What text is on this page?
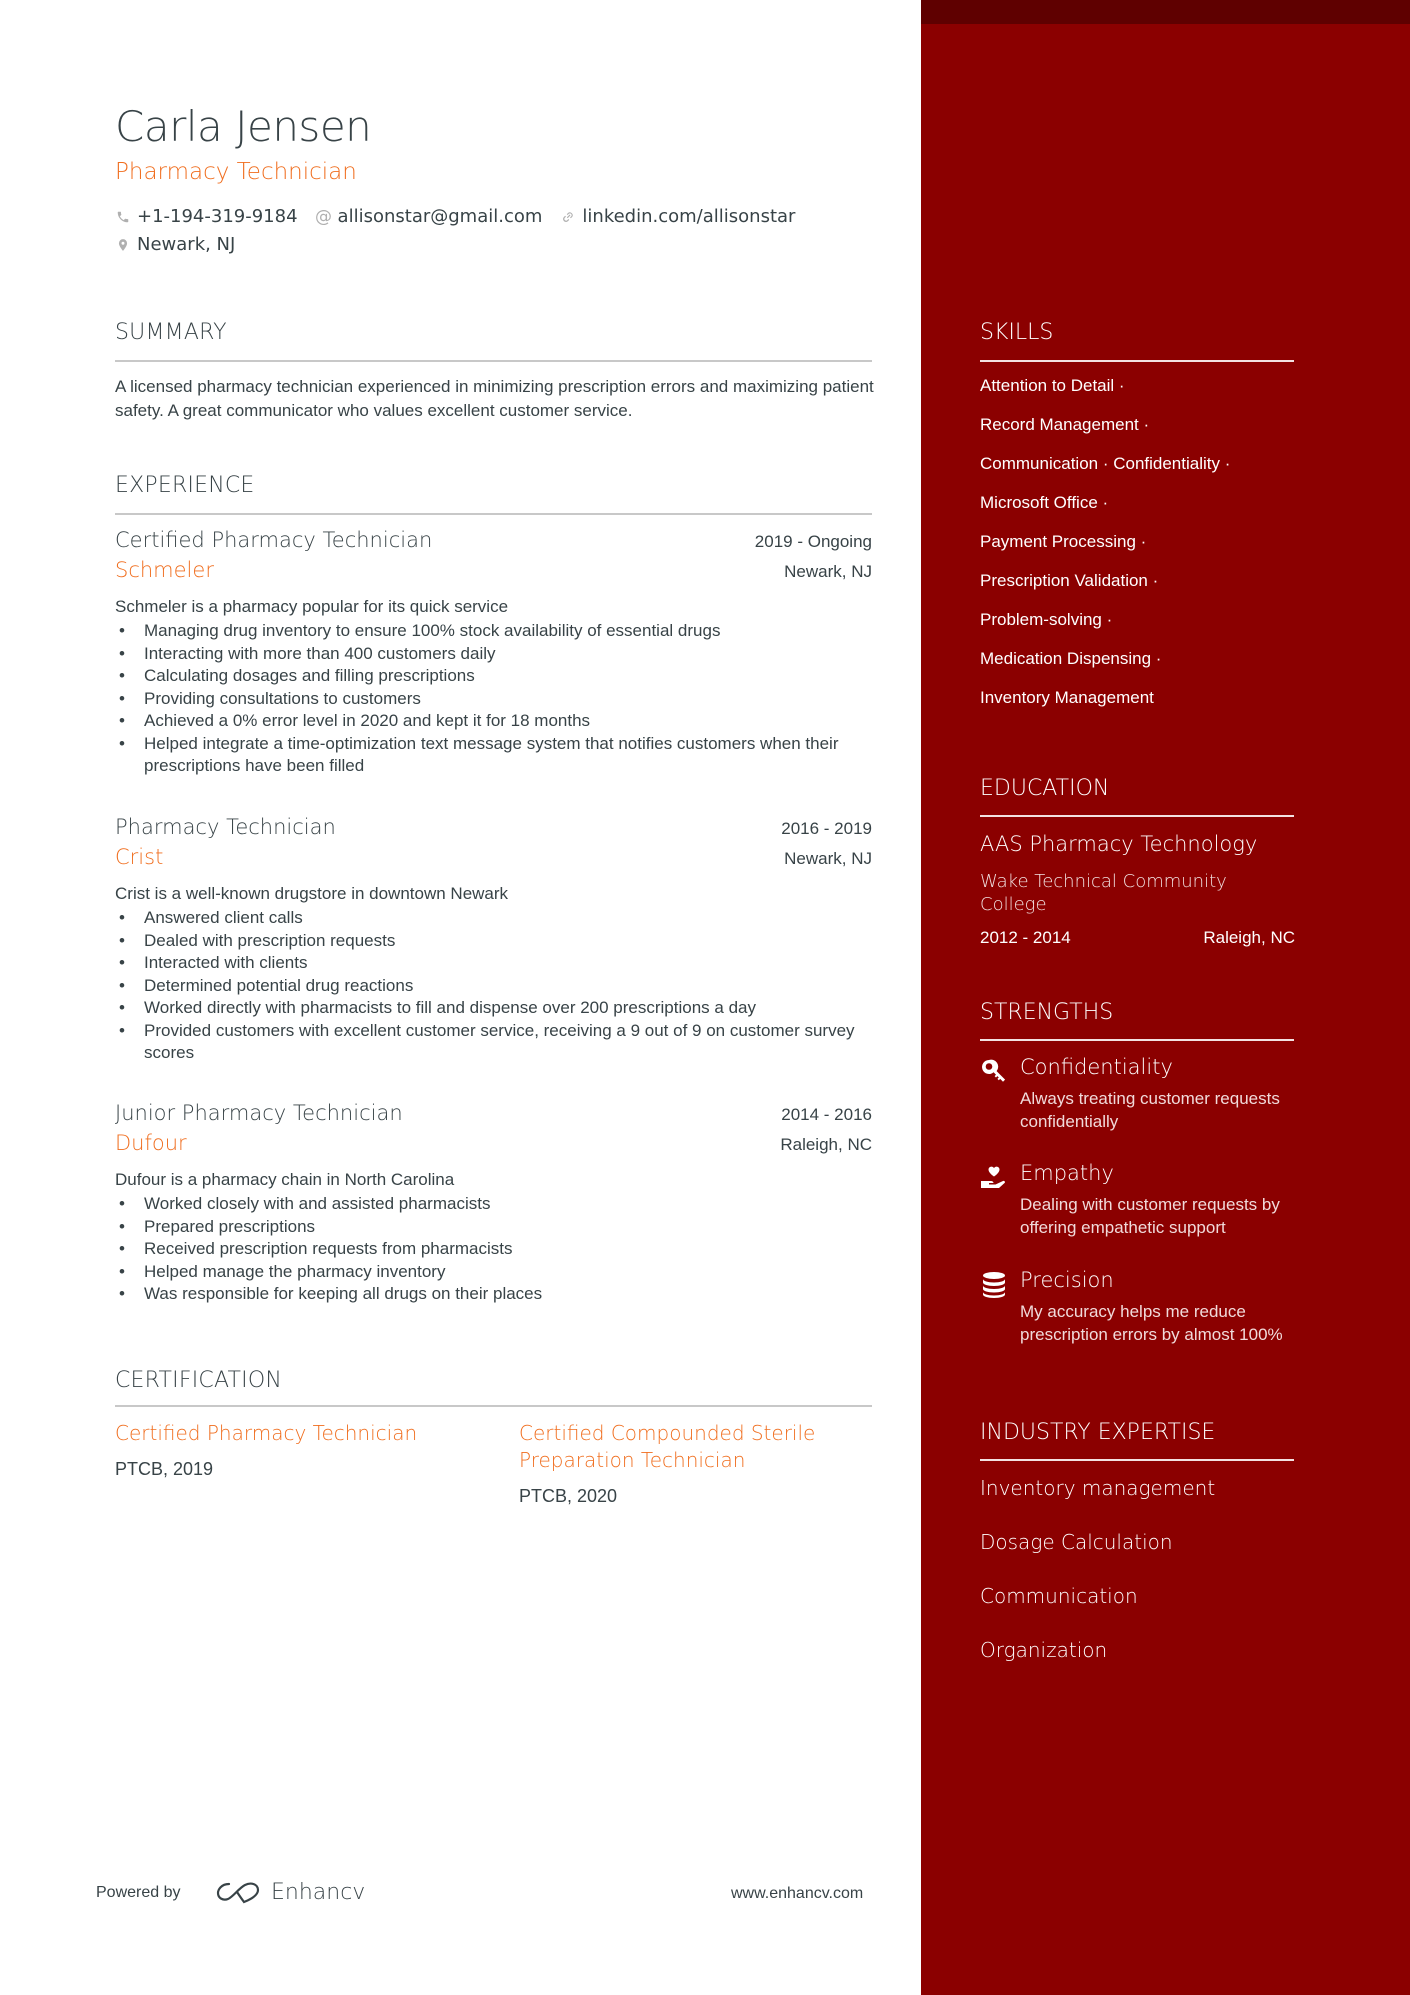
Carla Jensen
Pharmacy Technician
+1-194-319-9184 @ allisonstar@gmail.com linkedin.com/allisonstar
Newark, NJ
SUMMARY
A licensed pharmacy technician experienced in minimizing prescription errors and maximizing patient safety. A great communicator who values excellent customer service.
EXPERIENCE
Certified Pharmacy Technician	2019 - Ongoing
Schmeler	Newark, NJ
Schmeler is a pharmacy popular for its quick service
• Managing drug inventory to ensure 100% stock availability of essential drugs
• Interacting with more than 400 customers daily
• Calculating dosages and filling prescriptions
• Providing consultations to customers
• Achieved a 0% error level in 2020 and kept it for 18 months
• Helped integrate a time-optimization text message system that notifies customers when their prescriptions have been filled
Pharmacy Technician	2016 - 2019
Crist	Newark, NJ
Crist is a well-known drugstore in downtown Newark
• Answered client calls
• Dealed with prescription requests
• Interacted with clients
• Determined potential drug reactions
• Worked directly with pharmacists to fill and dispense over 200 prescriptions a day
• Provided customers with excellent customer service, receiving a 9 out of 9 on customer survey scores
Junior Pharmacy Technician	2014 - 2016
Dufour	Raleigh, NC
Dufour is a pharmacy chain in North Carolina
• Worked closely with and assisted pharmacists
• Prepared prescriptions
• Received prescription requests from pharmacists
• Helped manage the pharmacy inventory
• Was responsible for keeping all drugs on their places
CERTIFICATION
Certified Pharmacy Technician
PTCB, 2019
Certified Compounded Sterile Preparation Technician
PTCB, 2020
Powered by	Enhancv	www.enhancv.com
SKILLS
Attention to Detail ·
Record Management ·
Communication · Confidentiality ·
Microsoft Office ·
Payment Processing ·
Prescription Validation ·
Problem-solving ·
Medication Dispensing ·
Inventory Management
EDUCATION
AAS Pharmacy Technology
Wake Technical Community College
2012 - 2014	Raleigh, NC
STRENGTHS
Confidentiality
Always treating customer requests confidentially
Empathy
Dealing with customer requests by offering empathetic support
Precision
My accuracy helps me reduce prescription errors by almost 100%
INDUSTRY EXPERTISE
Inventory management
Dosage Calculation
Communication
Organization
